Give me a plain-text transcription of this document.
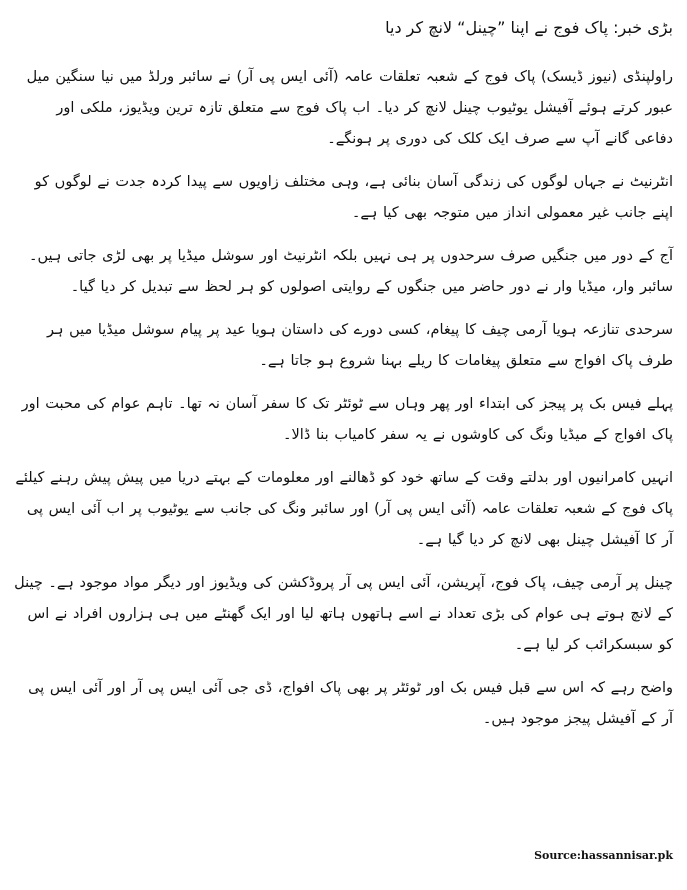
بڑی خبر: پاک فوج نے اپنا ”چینل“ لانچ کر دیا

راولپنڈی (نیوز ڈیسک) پاک فوج کے شعبہ تعلقات عامہ (آئی ایس پی آر) نے سائبر ورلڈ میں نیا سنگین میل عبور کرتے ہوئے آفیشل یوٹیوب چینل لانچ کر دیا۔ اب پاک فوج سے متعلق تازہ ترین ویڈیوز، ملکی اور دفاعی گانے آپ سے صرف ایک کلک کی دوری پر ہونگے۔

انٹرنیٹ نے جہاں لوگوں کی زندگی آسان بنائی ہے، وہی مختلف زاویوں سے پیدا کردہ جدت نے لوگوں کو اپنے جانب غیر معمولی انداز میں متوجہ بھی کیا ہے۔

آج کے دور میں جنگیں صرف سرحدوں پر ہی نہیں بلکہ انٹرنیٹ اور سوشل میڈیا پر بھی لڑی جاتی ہیں۔ سائبر وار، میڈیا وار نے دور حاضر میں جنگوں کے روایتی اصولوں کو ہر لحظ سے تبدیل کر دیا گیا۔

سرحدی تنازعہ ہویا آرمی چیف کا پیغام، کسی دورے کی داستان ہویا عید پر پیام سوشل میڈیا میں ہر طرف پاک افواج سے متعلق پیغامات کا ریلے بہنا شروع ہو جاتا ہے۔

پہلے فیس بک پر پیجز کی ابتداء اور پھر وہاں سے ٹوئٹر تک کا سفر آسان نہ تھا۔ تاہم عوام کی محبت اور پاک افواج کے میڈیا ونگ کی کاوشوں نے یہ سفر کامیاب بنا ڈالا۔

انہیں کامرانیوں اور بدلتے وقت کے ساتھ خود کو ڈھالنے اور معلومات کے بہتے دریا میں پیش پیش رہنے کیلئے پاک فوج کے شعبہ تعلقات عامہ (آئی ایس پی آر) اور سائبر ونگ کی جانب سے یوٹیوب پر اب آئی ایس پی آر کا آفیشل چینل بھی لانچ کر دیا گیا ہے۔

چینل پر آرمی چیف، پاک فوج، آپریشن، آئی ایس پی آر پروڈکشن کی ویڈیوز اور دیگر مواد موجود ہے۔ چینل کے لانچ ہوتے ہی عوام کی بڑی تعداد نے اسے ہاتھوں ہاتھ لیا اور ایک گھنٹے میں ہی ہزاروں افراد نے اس کو سبسکرائب کر لیا ہے۔

واضح رہے کہ اس سے قبل فیس بک اور ٹوئٹر پر بھی پاک افواج، ڈی جی آئی ایس پی آر اور آئی ایس پی آر کے آفیشل پیجز موجود ہیں۔

Source:hassannisar.pk
